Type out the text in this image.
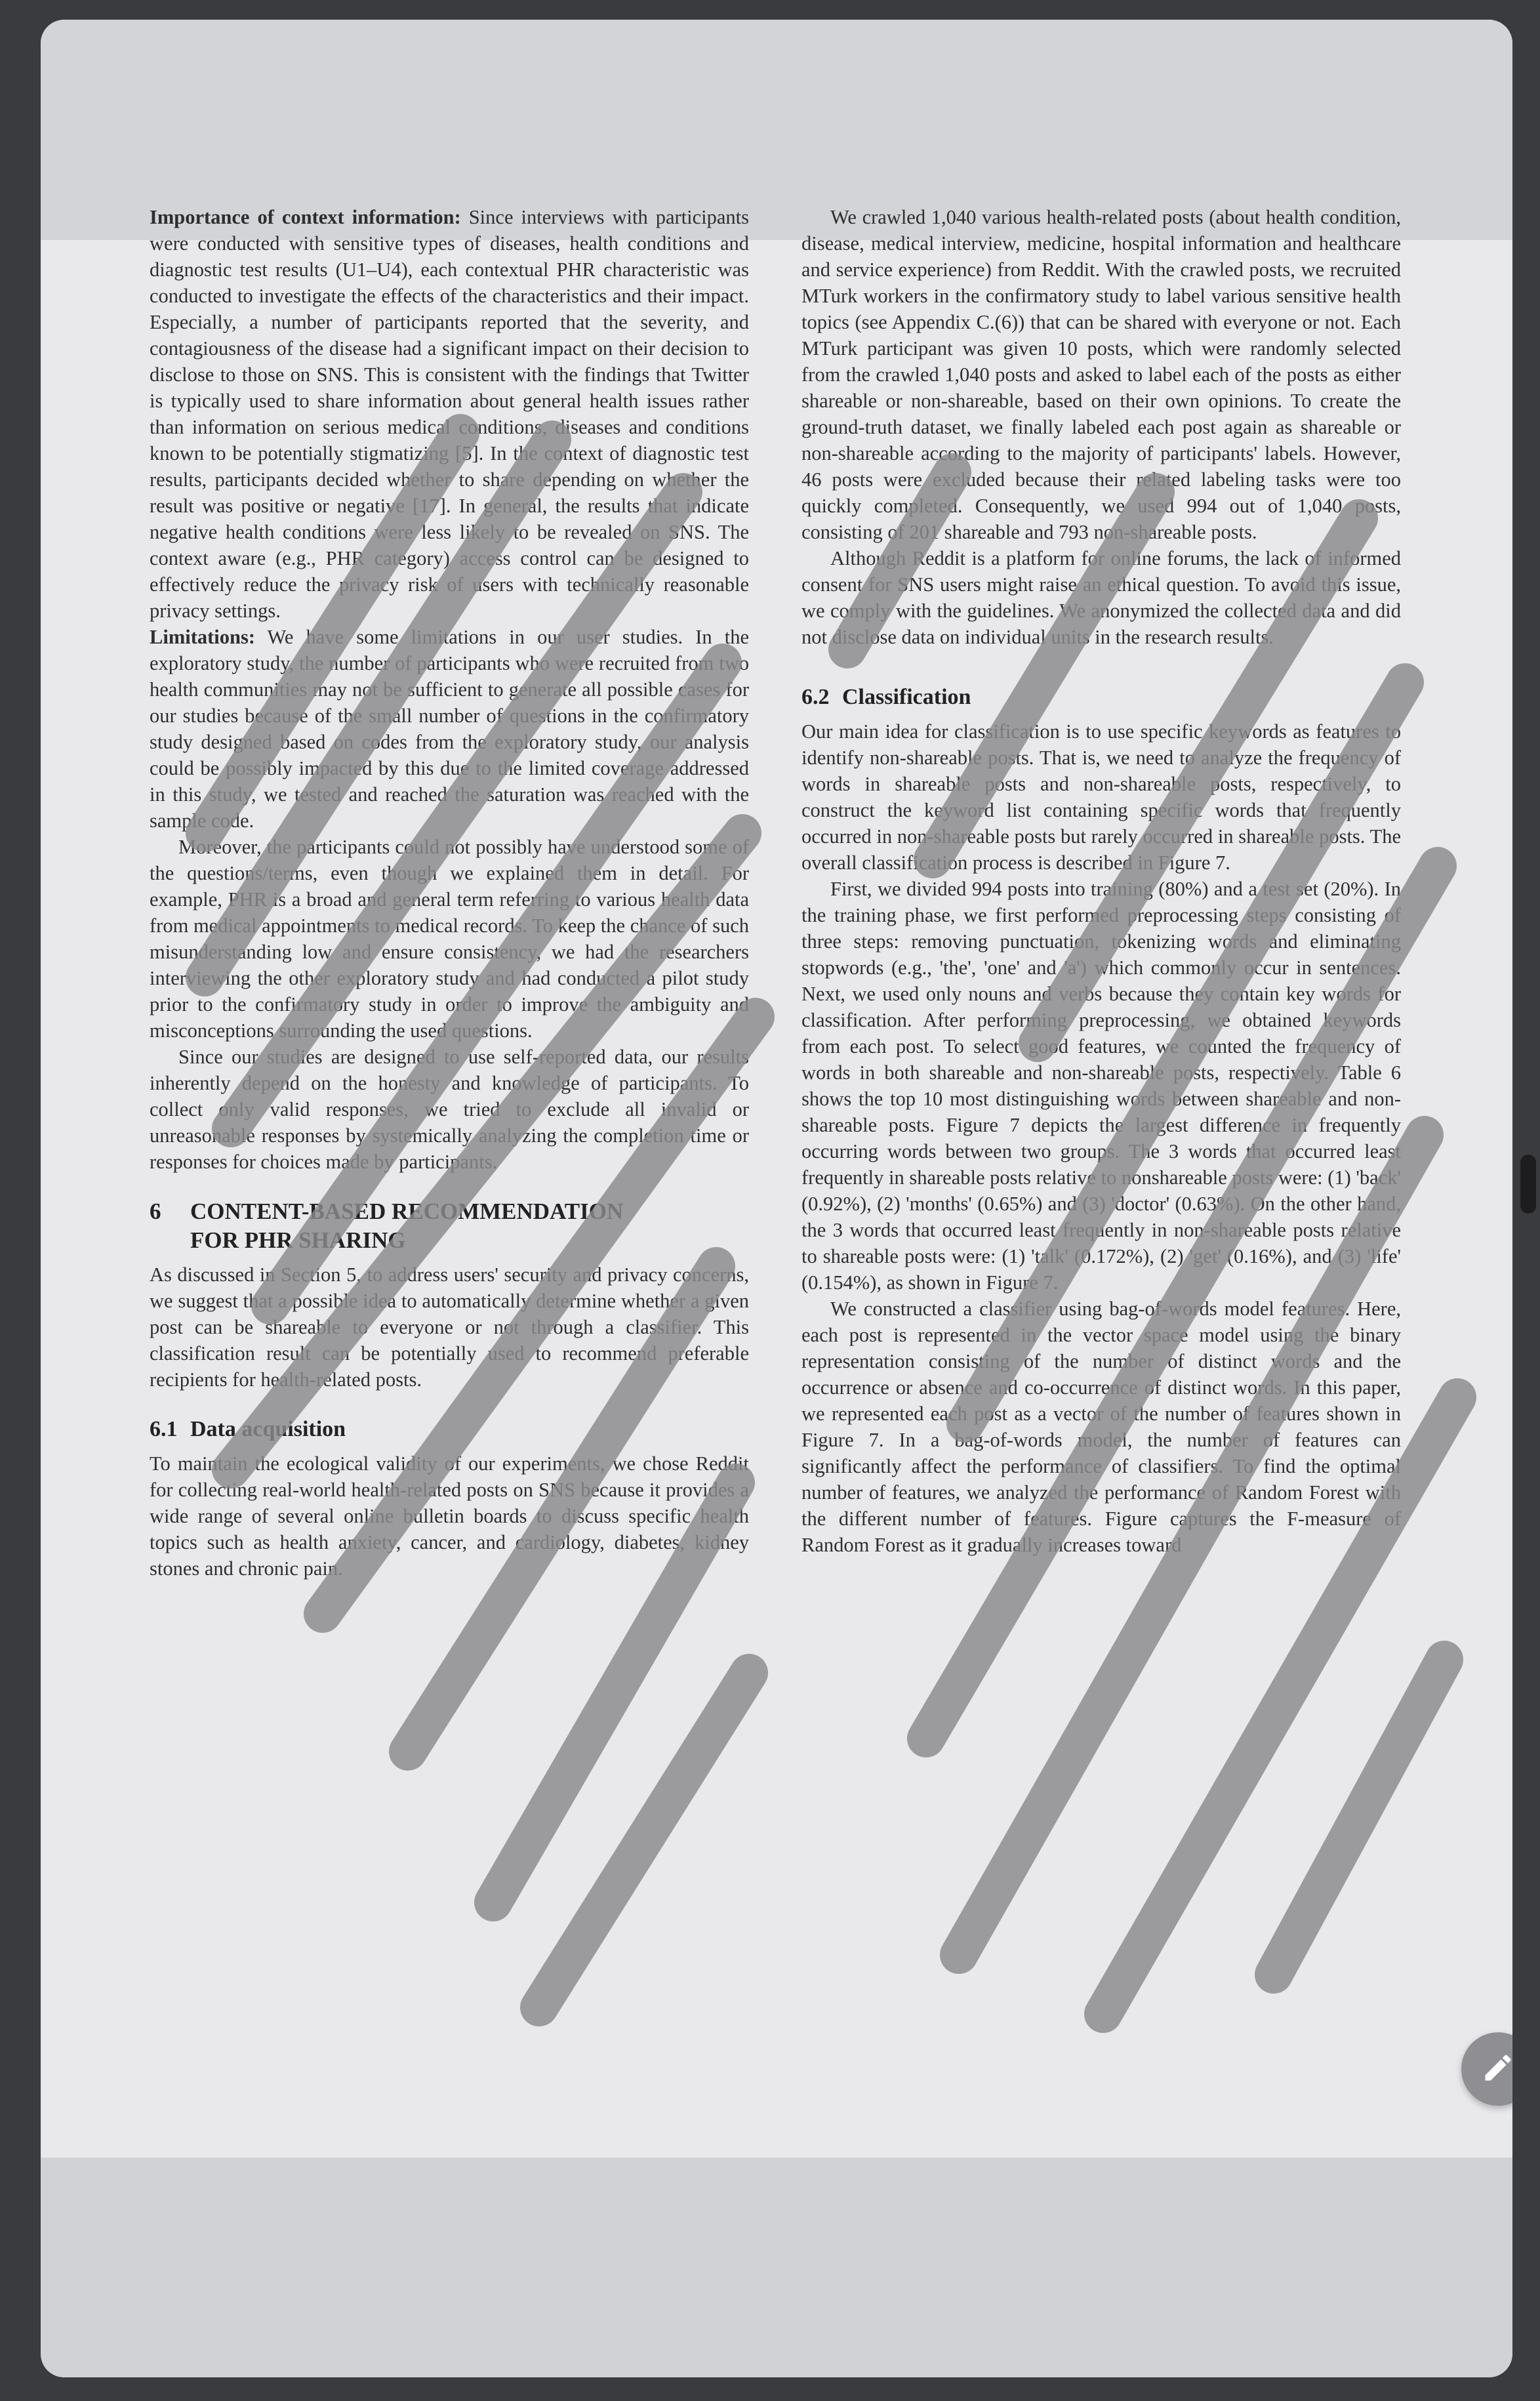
Importance of context information: Since interviews with participants were conducted with sensitive types of diseases, health conditions and diagnostic test results (U1–U4), each contextual PHR characteristic was conducted to investigate the effects of the characteristics and their impact. Especially, a number of participants reported that the severity, and contagiousness of the disease had a significant impact on their decision to disclose to those on SNS. This is consistent with the findings that Twitter is typically used to share information about general health issues rather than information on serious medical conditions, diseases and conditions known to be potentially stigmatizing [5]. In the context of diagnostic test results, participants decided whether to share depending on whether the result was positive or negative [17]. In general, the results that indicate negative health conditions were less likely to be revealed on SNS. The context aware (e.g., PHR category) access control can be designed to effectively reduce the privacy risk of users with technically reasonable privacy settings.

Limitations: We have some limitations in our user studies. In the exploratory study, the number of participants who were recruited from two health communities may not be sufficient to generate all possible cases for our studies because of the small number of questions in the confirmatory study designed based on codes from the exploratory study, our analysis could be possibly impacted by this due to the limited coverage addressed in this study, we tested and reached the saturation was reached with the sample code.

Moreover, the participants could not possibly have understood some of the questions/terms, even though we explained them in detail. For example, PHR is a broad and general term referring to various health data from medical appointments to medical records. To keep the chance of such misunderstanding low and ensure consistency, we had the researchers interviewing the other exploratory study and had conducted a pilot study prior to the confirmatory study in order to improve the ambiguity and misconceptions surrounding the used questions.

Since our studies are designed to use self-reported data, our results inherently depend on the honesty and knowledge of participants. To collect only valid responses, we tried to exclude all invalid or unreasonable responses by systemically analyzing the completion time or responses for choices made by participants.

6 CONTENT-BASED RECOMMENDATION
FOR PHR SHARING

As discussed in Section 5, to address users' security and privacy concerns, we suggest that a possible idea to automatically determine whether a given post can be shareable to everyone or not through a classifier. This classification result can be potentially used to recommend preferable recipients for health-related posts.

6.1 Data acquisition

To maintain the ecological validity of our experiments, we chose Reddit for collecting real-world health-related posts on SNS because it provides a wide range of several online bulletin boards to discuss specific health topics such as health anxiety, cancer, and cardiology, diabetes, kidney stones and chronic pain.

We crawled 1,040 various health-related posts (about health condition, disease, medical interview, medicine, hospital information and healthcare and service experience) from Reddit. With the crawled posts, we recruited MTurk workers in the confirmatory study to label various sensitive health topics (see Appendix C.(6)) that can be shared with everyone or not. Each MTurk participant was given 10 posts, which were randomly selected from the crawled 1,040 posts and asked to label each of the posts as either shareable or non-shareable, based on their own opinions. To create the ground-truth dataset, we finally labeled each post again as shareable or non-shareable according to the majority of participants' labels. However, 46 posts were excluded because their related labeling tasks were too quickly completed. Consequently, we used 994 out of 1,040 posts, consisting of 201 shareable and 793 non-shareable posts.

Although Reddit is a platform for online forums, the lack of informed consent for SNS users might raise an ethical question. To avoid this issue, we comply with the guidelines. We anonymized the collected data and did not disclose data on individual units in the research results.

6.2 Classification

Our main idea for classification is to use specific keywords as features to identify non-shareable posts. That is, we need to analyze the frequency of words in shareable posts and non-shareable posts, respectively, to construct the keyword list containing specific words that frequently occurred in non-shareable posts but rarely occurred in shareable posts. The overall classification process is described in Figure 7.

First, we divided 994 posts into training (80%) and a test set (20%). In the training phase, we first performed preprocessing steps consisting of three steps: removing punctuation, tokenizing words and eliminating stopwords (e.g., 'the', 'one' and 'a') which commonly occur in sentences. Next, we used only nouns and verbs because they contain key words for classification. After performing preprocessing, we obtained keywords from each post. To select good features, we counted the frequency of words in both shareable and non-shareable posts, respectively. Table 6 shows the top 10 most distinguishing words between shareable and non-shareable posts. Figure 7 depicts the largest difference in frequently occurring words between two groups. The 3 words that occurred least frequently in shareable posts relative to nonshareable posts were: (1) 'back' (0.92%), (2) 'months' (0.65%) and (3) 'doctor' (0.63%). On the other hand, the 3 words that occurred least frequently in non-shareable posts relative to shareable posts were: (1) 'talk' (0.172%), (2) 'get' (0.16%), and (3) 'life' (0.154%), as shown in Figure 7.

We constructed a classifier using bag-of-words model features. Here, each post is represented in the vector space model using the binary representation consisting of the number of distinct words and the occurrence or absence and co-occurrence of distinct words. In this paper, we represented each post as a vector of the number of features shown in Figure 7. In a bag-of-words model, the number of features can significantly affect the performance of classifiers. To find the optimal number of features, we analyzed the performance of Random Forest with the different number of features. Figure captures the F-measure of Random Forest as it gradually increases toward
